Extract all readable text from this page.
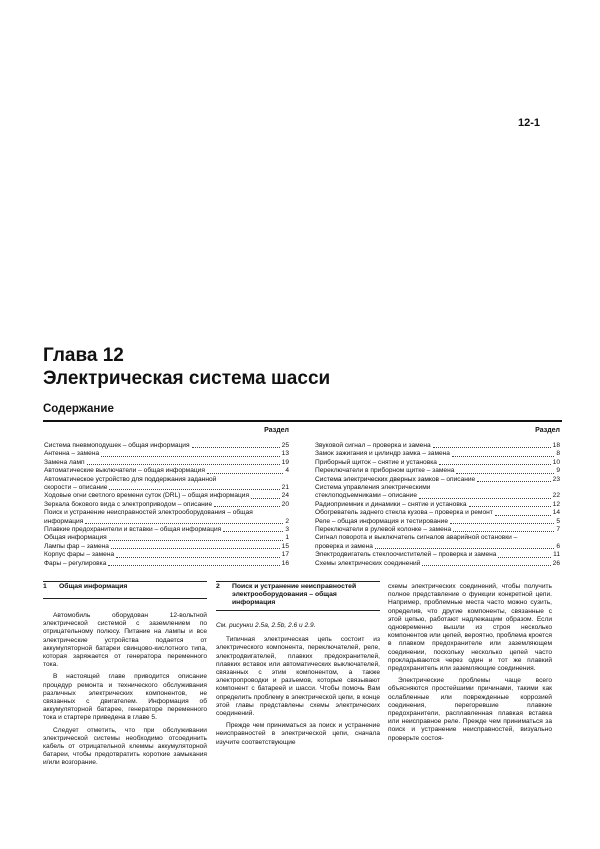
12-1
Глава 12
Электрическая система шасси
Содержание
Раздел
Система пневмоподушек – общая информация	25
Антенна – замена	13
Замена ламп	19
Автоматические выключатели – общая информация	4
Автоматическое устройство для поддержания заданной
скорости – описание	21
Ходовые огни светлого времени суток (DRL) – общая информация	24
Зеркала бокового вида с электроприводом – описание	20
Поиск и устранение неисправностей электрооборудования – общая
информация	2
Плавкие предохранители и вставки – общая информация	3
Общая информация	1
Лампы фар – замена	15
Корпус фары – замена	17
Фары – регулировка	16
Раздел
Звуковой сигнал – проверка и замена	18
Замок зажигания и цилиндр замка – замена	8
Приборный щиток – снятие и установка	10
Переключатели в приборном щитке – замена	9
Система электрических дверных замков – описание	23
Система управления электрическими
стеклоподъемниками – описание	22
Радиоприемник и динамики – снятие и установка	12
Обогреватель заднего стекла кузова – проверка и ремонт	14
Реле – общая информация и тестирование	5
Переключатели в рулевой колонке – замена	7
Сигнал поворота и выключатель сигналов аварийной остановки –
проверка и замена	6
Электродвигатель стеклоочистителей – проверка и замена	11
Схемы электрических соединений	26
1 Общая информация	2	Поиск и устранение неисправностей электрооборудования – общая информация

Автомобиль оборудован 12-вольтной электрической системой с заземлением по отрицательному полюсу. Питание на лампы и все электрические устройства подается от аккумуляторной батареи свинцово-кислотного типа, которая заряжается от генератора переменного тока.

В настоящей главе приводится описание процедур ремонта и технического обслуживания различных электрических компонентов, не связанных с двигателем. Информация об аккумуляторной батарее, генераторе переменного тока и стартере приведена в главе 5.

Следует отметить, что при обслуживании электрической системы необходимо отсоединить кабель от отрицательной клеммы аккумуляторной батареи, чтобы предотвратить короткие замыкания и/или возгорание.

См. рисунки 2.5а, 2.5b, 2.6 и 2.9.

Типичная электрическая цепь состоит из электрического компонента, переключателей, реле, электродвигателей, плавких предохранителей, плавких вставок или автоматических выключателей, связанных с этим компонентом, а также электропроводки и разъемов, которые связывают компонент с батареей и шасси. Чтобы помочь Вам определить проблему в электрической цепи, в конце этой главы представлены схемы электрических соединений.

Прежде чем приниматься за поиск и устранение неисправностей в электрической цепи, сначала изучите соответствующие

схемы электрических соединений, чтобы получить полное представление о функции конкретной цепи. Например, проблемные места часто можно сузить, определив, что другие компоненты, связанные с этой цепью, работают надлежащим образом. Если одновременно вышли из строя несколько компонентов или цепей, вероятно, проблема кроется в плавком предохранителе или заземляющем соединении, поскольку несколько цепей часто прокладываются через один и тот же плавкий предохранитель или заземляющие соединения.

Электрические проблемы чаще всего объясняются простейшими причинами, такими как ослабленные или поврежденные коррозией соединения, перегоревшие плавкие предохранители, расплавленная плавкая вставка или неисправное реле. Прежде чем приниматься за поиск и устранение неисправностей, визуально проверьте состоя-
